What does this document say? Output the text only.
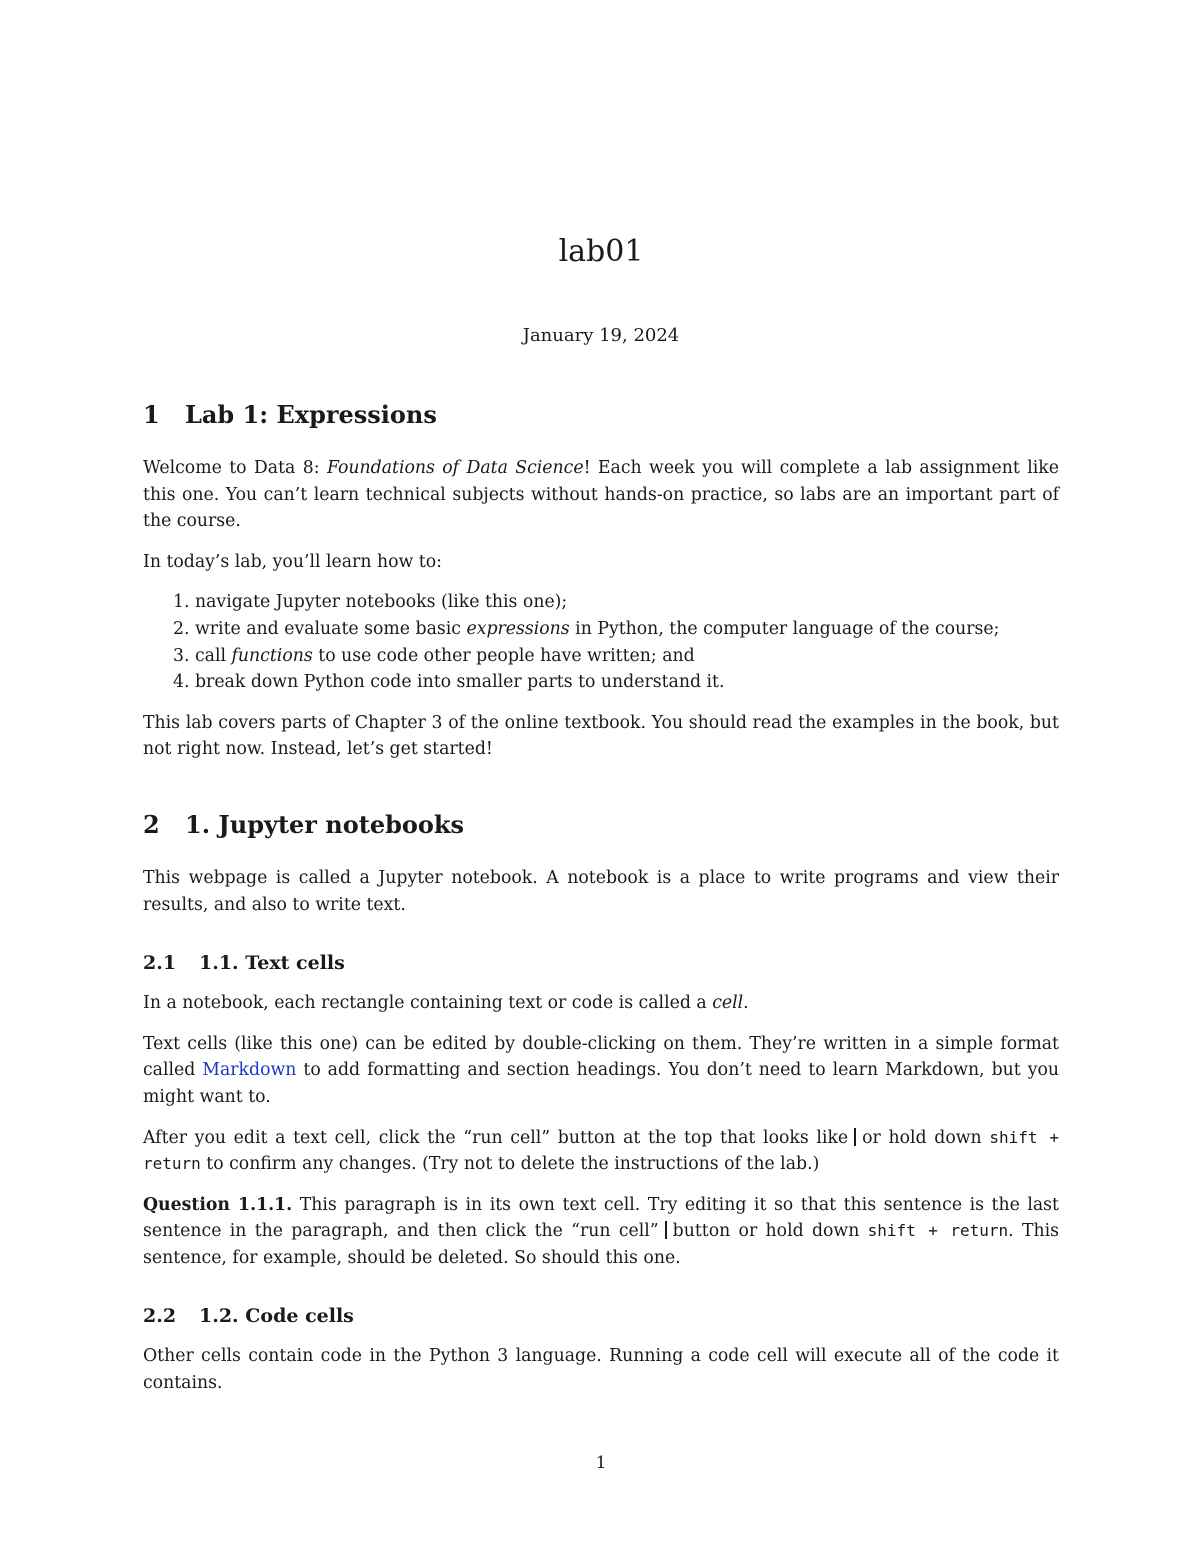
lab01

January 19, 2024

1 Lab 1: Expressions

Welcome to Data 8: Foundations of Data Science! Each week you will complete a lab assignment like this one. You can’t learn technical subjects without hands-on practice, so labs are an important part of the course.

In today’s lab, you’ll learn how to:

1. navigate Jupyter notebooks (like this one);
2. write and evaluate some basic expressions in Python, the computer language of the course;
3. call functions to use code other people have written; and
4. break down Python code into smaller parts to understand it.

This lab covers parts of Chapter 3 of the online textbook. You should read the examples in the book, but not right now. Instead, let’s get started!

2 1. Jupyter notebooks

This webpage is called a Jupyter notebook. A notebook is a place to write programs and view their results, and also to write text.

2.1 1.1. Text cells

In a notebook, each rectangle containing text or code is called a cell.

Text cells (like this one) can be edited by double-clicking on them. They’re written in a simple format called Markdown to add formatting and section headings. You don’t need to learn Markdown, but you might want to.

After you edit a text cell, click the “run cell” button at the top that looks like or hold down shift + return to confirm any changes. (Try not to delete the instructions of the lab.)

Question 1.1.1. This paragraph is in its own text cell. Try editing it so that this sentence is the last sentence in the paragraph, and then click the “run cell” button or hold down shift + return. This sentence, for example, should be deleted. So should this one.

2.2 1.2. Code cells

Other cells contain code in the Python 3 language. Running a code cell will execute all of the code it contains.

1
